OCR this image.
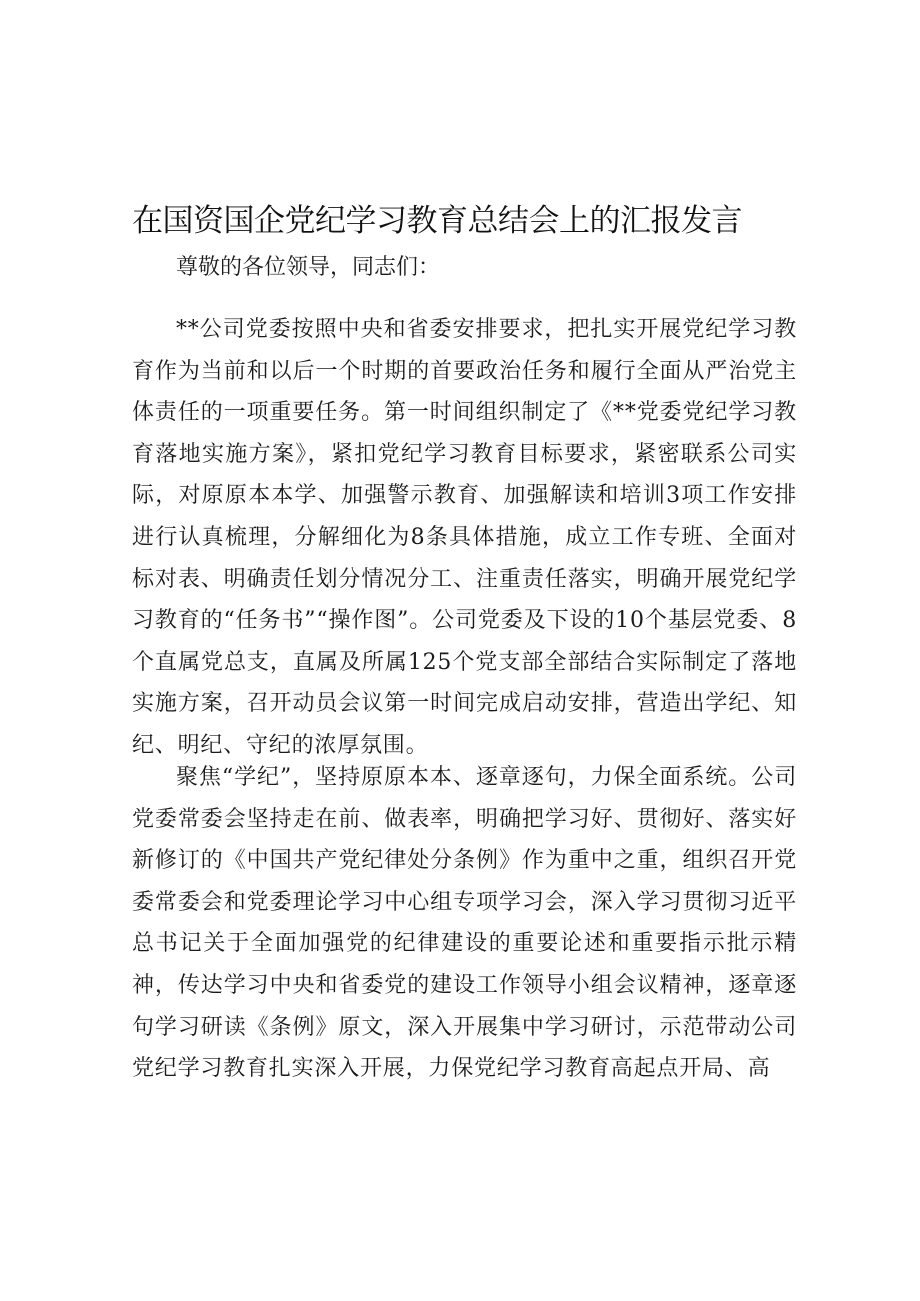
在国资国企党纪学习教育总结会上的汇报发言
尊敬的各位领导，同志们：
**公司党委按照中央和省委安排要求，把扎实开展党纪学习教育作为当前和以后一个时期的首要政治任务和履行全面从严治党主体责任的一项重要任务。第一时间组织制定了《**党委党纪学习教育落地实施方案》，紧扣党纪学习教育目标要求，紧密联系公司实际，对原原本本学、加强警示教育、加强解读和培训3项工作安排进行认真梳理，分解细化为8条具体措施，成立工作专班、全面对标对表、明确责任划分情况分工、注重责任落实，明确开展党纪学习教育的“任务书”“操作图”。公司党委及下设的10个基层党委、8个直属党总支，直属及所属125个党支部全部结合实际制定了落地实施方案，召开动员会议第一时间完成启动安排，营造出学纪、知纪、明纪、守纪的浓厚氛围。
聚焦“学纪”，坚持原原本本、逐章逐句，力保全面系统。公司党委常委会坚持走在前、做表率，明确把学习好、贯彻好、落实好新修订的《中国共产党纪律处分条例》作为重中之重，组织召开党委常委会和党委理论学习中心组专项学习会，深入学习贯彻习近平总书记关于全面加强党的纪律建设的重要论述和重要指示批示精神，传达学习中央和省委党的建设工作领导小组会议精神，逐章逐句学习研读《条例》原文，深入开展集中学习研讨，示范带动公司党纪学习教育扎实深入开展，力保党纪学习教育高起点开局、高
